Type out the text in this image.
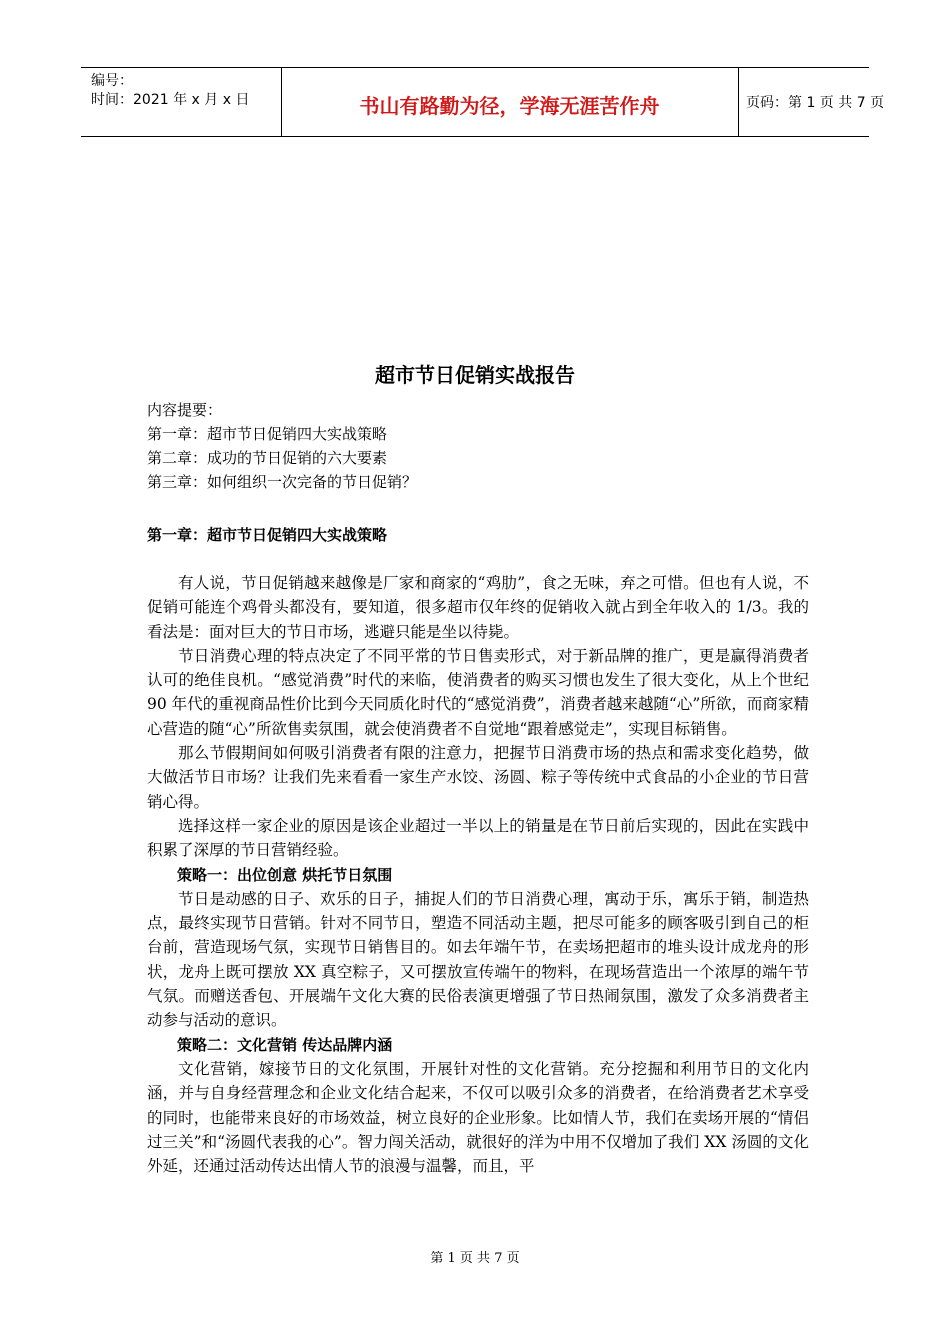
编号：
时间：2021 年 x 月 x 日	书山有路勤为径，学海无涯苦作舟	页码：第 1 页 共 7 页
超市节日促销实战报告
内容提要：
第一章：超市节日促销四大实战策略
第二章：成功的节日促销的六大要素
第三章：如何组织一次完备的节日促销？
第一章：超市节日促销四大实战策略

有人说，节日促销越来越像是厂家和商家的“鸡肋”，食之无味，弃之可惜。但也有人说，不促销可能连个鸡骨头都没有，要知道，很多超市仅年终的促销收入就占到全年收入的 1/3。我的看法是：面对巨大的节日市场，逃避只能是坐以待毙。

节日消费心理的特点决定了不同平常的节日售卖形式，对于新品牌的推广，更是赢得消费者认可的绝佳良机。“感觉消费”时代的来临，使消费者的购买习惯也发生了很大变化，从上个世纪 90 年代的重视商品性价比到今天同质化时代的“感觉消费”，消费者越来越随“心”所欲，而商家精心营造的随“心”所欲售卖氛围，就会使消费者不自觉地“跟着感觉走”，实现目标销售。

那么节假期间如何吸引消费者有限的注意力，把握节日消费市场的热点和需求变化趋势，做大做活节日市场？让我们先来看看一家生产水饺、汤圆、粽子等传统中式食品的小企业的节日营销心得。

选择这样一家企业的原因是该企业超过一半以上的销量是在节日前后实现的，因此在实践中积累了深厚的节日营销经验。

策略一：出位创意 烘托节日氛围

节日是动感的日子、欢乐的日子，捕捉人们的节日消费心理，寓动于乐，寓乐于销，制造热点，最终实现节日营销。针对不同节日，塑造不同活动主题，把尽可能多的顾客吸引到自己的柜台前，营造现场气氛，实现节日销售目的。如去年端午节，在卖场把超市的堆头设计成龙舟的形状，龙舟上既可摆放 XX 真空粽子，又可摆放宣传端午的物料，在现场营造出一个浓厚的端午节气氛。而赠送香包、开展端午文化大赛的民俗表演更增强了节日热闹氛围，激发了众多消费者主动参与活动的意识。

策略二：文化营销 传达品牌内涵

文化营销，嫁接节日的文化氛围，开展针对性的文化营销。充分挖掘和利用节日的文化内涵，并与自身经营理念和企业文化结合起来，不仅可以吸引众多的消费者，在给消费者艺术享受的同时，也能带来良好的市场效益，树立良好的企业形象。比如情人节，我们在卖场开展的“情侣过三关”和“汤圆代表我的心”。智力闯关活动，就很好的洋为中用不仅增加了我们 XX 汤圆的文化外延，还通过活动传达出情人节的浪漫与温馨，而且，平

第 1 页 共 7 页
